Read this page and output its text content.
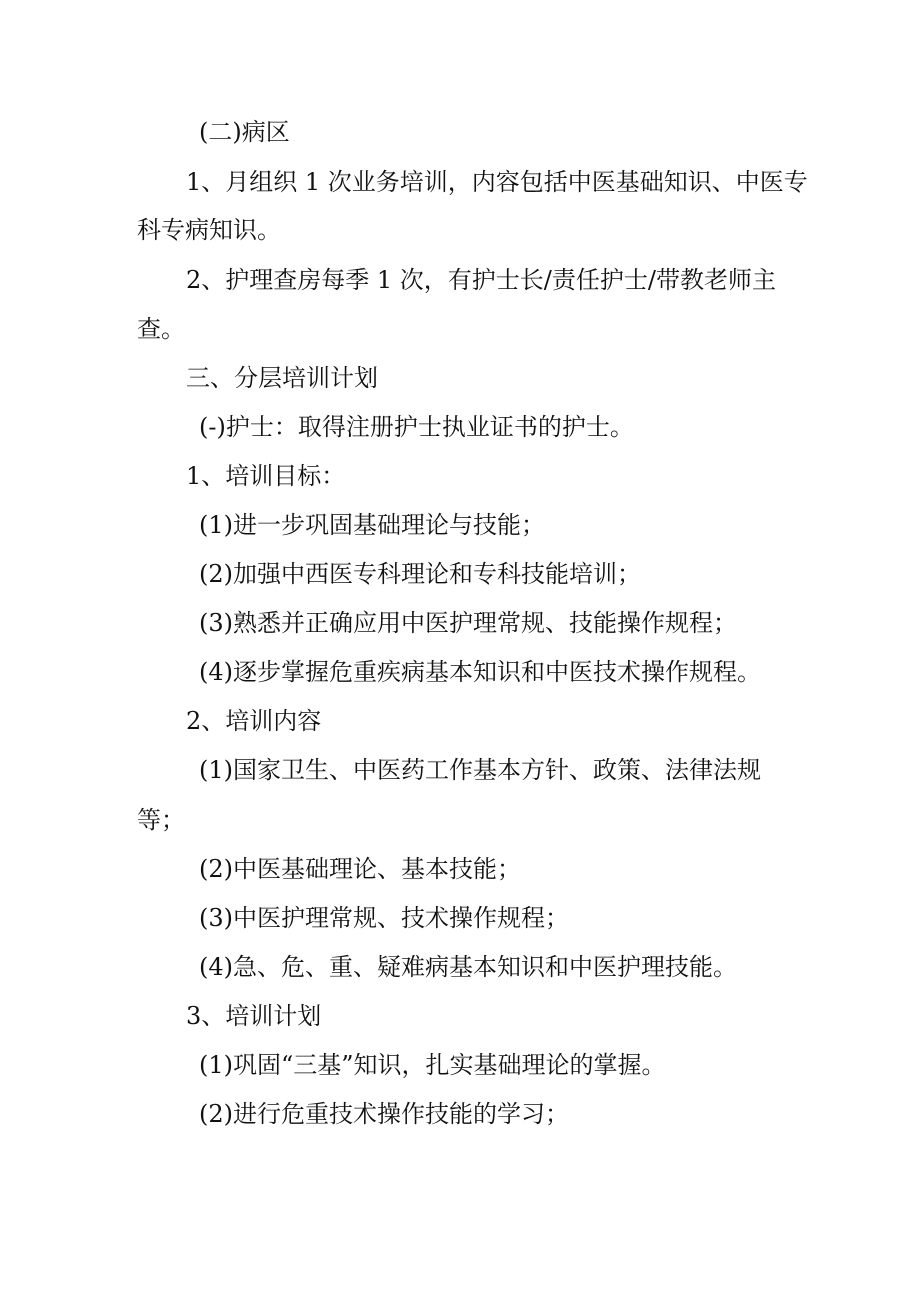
(二)病区
1、月组织 1 次业务培训，内容包括中医基础知识、中医专
科专病知识。
2、护理查房每季 1 次，有护士长/责任护士/带教老师主
查。
三、分层培训计划
(-)护士：取得注册护士执业证书的护士。
1、培训目标：
(1)进一步巩固基础理论与技能；
(2)加强中西医专科理论和专科技能培训；
(3)熟悉并正确应用中医护理常规、技能操作规程；
(4)逐步掌握危重疾病基本知识和中医技术操作规程。
2、培训内容
(1)国家卫生、中医药工作基本方针、政策、法律法规
等；
(2)中医基础理论、基本技能；
(3)中医护理常规、技术操作规程；
(4)急、危、重、疑难病基本知识和中医护理技能。
3、培训计划
(1)巩固“三基”知识，扎实基础理论的掌握。
(2)进行危重技术操作技能的学习；
